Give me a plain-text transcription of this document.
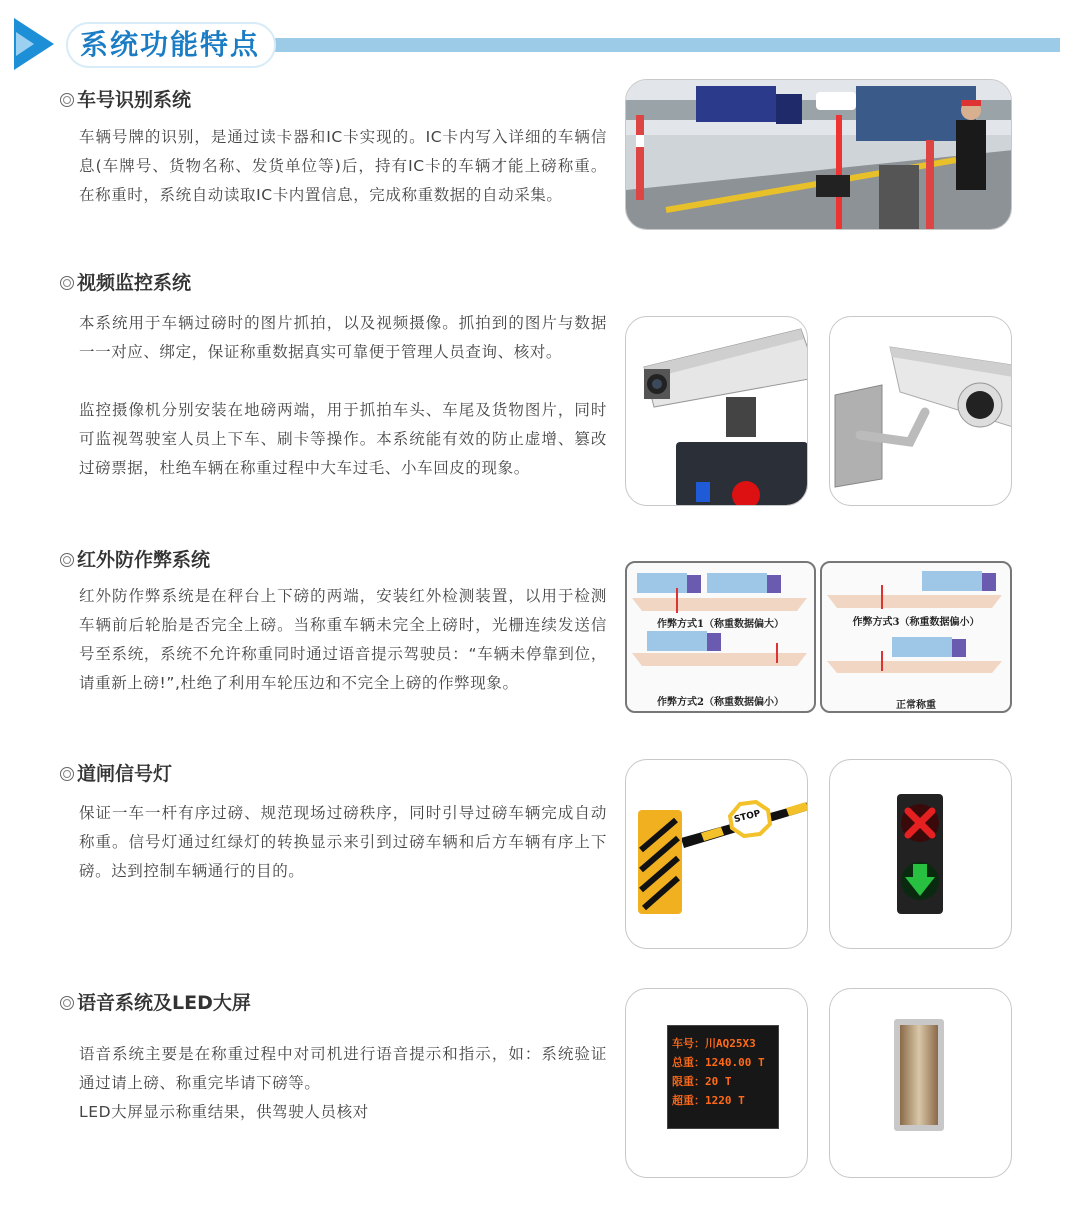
系统功能特点
车号识别系统
车辆号牌的识别，是通过读卡器和IC卡实现的。IC卡内写入详细的车辆信息(车牌号、货物名称、发货单位等)后，持有IC卡的车辆才能上磅称重。在称重时，系统自动读取IC卡内置信息，完成称重数据的自动采集。
视频监控系统
本系统用于车辆过磅时的图片抓拍，以及视频摄像。抓拍到的图片与数据一一对应、绑定，保证称重数据真实可靠便于管理人员查询、核对。
监控摄像机分别安装在地磅两端，用于抓拍车头、车尾及货物图片，同时可监视驾驶室人员上下车、刷卡等操作。本系统能有效的防止虚增、篡改过磅票据，杜绝车辆在称重过程中大车过毛、小车回皮的现象。
红外防作弊系统
红外防作弊系统是在秤台上下磅的两端，安装红外检测装置，以用于检测车辆前后轮胎是否完全上磅。当称重车辆未完全上磅时，光栅连续发送信号至系统，系统不允许称重同时通过语音提示驾驶员：“车辆未停靠到位，请重新上磅!”,杜绝了利用车轮压边和不完全上磅的作弊现象。
作弊方式1（称重数据偏大）
作弊方式2（称重数据偏小）
作弊方式3（称重数据偏小）
正常称重
道闸信号灯
保证一车一杆有序过磅、规范现场过磅秩序，同时引导过磅车辆完成自动称重。信号灯通过红绿灯的转换显示来引到过磅车辆和后方车辆有序上下磅。达到控制车辆通行的目的。
STOP
语音系统及LED大屏
语音系统主要是在称重过程中对司机进行语音提示和指示，如：系统验证通过请上磅、称重完毕请下磅等。
LED大屏显示称重结果，供驾驶人员核对
车号：川AQ25X3
总重：1240.00 T
限重：20 T
超重：1220 T
